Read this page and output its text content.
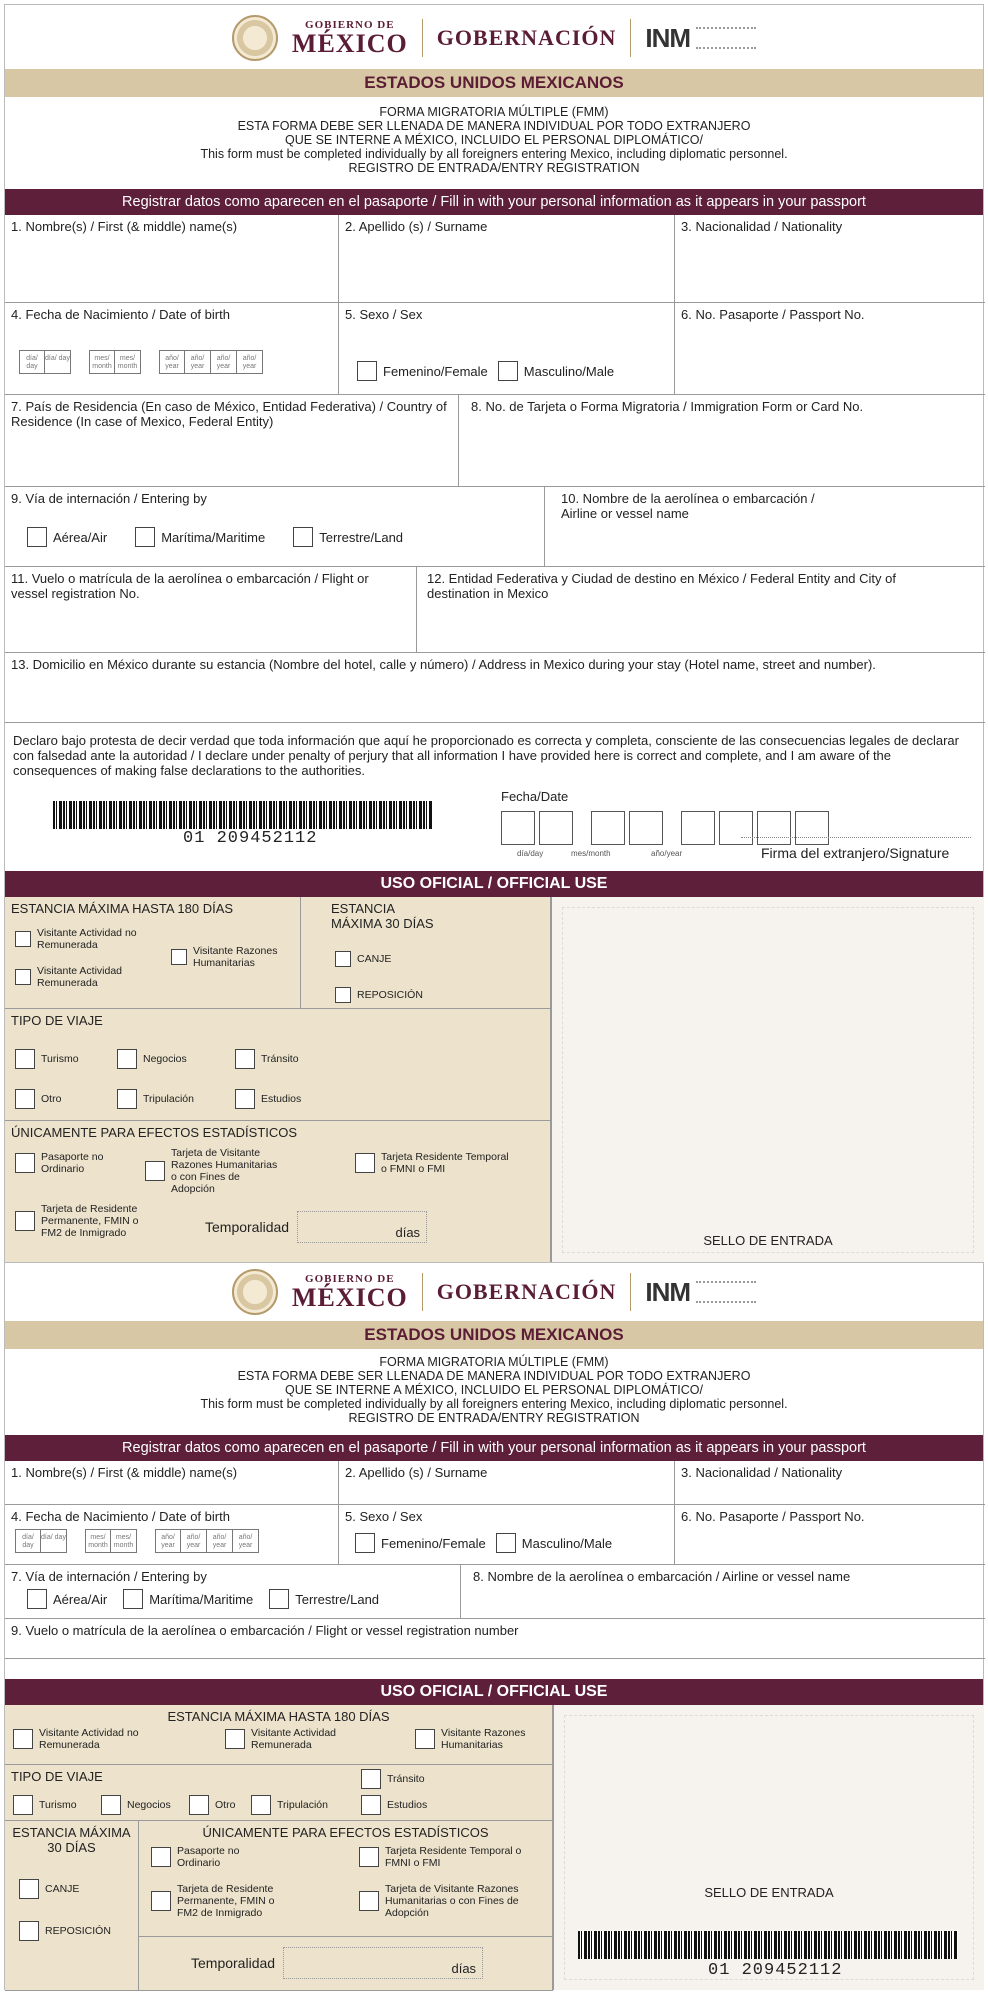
GOBIERNO DE
MÉXICO GOBERNACIÓN INM
ESTADOS UNIDOS MEXICANOS
FORMA MIGRATORIA MÚLTIPLE (FMM)
ESTA FORMA DEBE SER LLENADA DE MANERA INDIVIDUAL POR TODO EXTRANJERO
QUE SE INTERNE A MÉXICO, INCLUIDO EL PERSONAL DIPLOMÁTICO/
This form must be completed individually by all foreigners entering Mexico, including diplomatic personnel.
REGISTRO DE ENTRADA/ENTRY REGISTRATION
Registrar datos como aparecen en el pasaporte / Fill in with your personal information as it appears in your passport
1. Nombre(s) / First (& middle) name(s)	2. Apellido (s) / Surname	3. Nacionalidad / Nationality
4. Fecha de Nacimiento / Date of birth
día/ day
día/ day	mes/ month
mes/ month
año/ year
año/ year
año/ year
año/ year
5. Sexo / Sex
Femenino/Female	Masculino/Male
6. No. Pasaporte / Passport No.
7. País de Residencia (En caso de México, Entidad Federativa) / Country of Residence (In case of Mexico, Federal Entity)
8. No. de Tarjeta o Forma Migratoria / Immigration Form or Card No.
9. Vía de internación / Entering by
Aérea/Air	Marítima/Maritime	Terrestre/Land
10. Nombre de la aerolínea o embarcación / Airline or vessel name
11. Vuelo o matrícula de la aerolínea o embarcación / Flight or vessel registration No.
12. Entidad Federativa y Ciudad de destino en México / Federal Entity and City of destination in Mexico
13. Domicilio en México durante su estancia (Nombre del hotel, calle y número) / Address in Mexico during your stay (Hotel name, street and number).
Declaro bajo protesta de decir verdad que toda información que aquí he proporcionado es correcta y completa, consciente de las consecuencias legales de declarar con falsedad ante la autoridad / I declare under penalty of perjury that all information I have provided here is correct and complete, and I am aware of the consequences of making false declarations to the authorities.
01 209452112
Fecha/Date
día/day	mes/month	año/year	Firma del extranjero/Signature
USO OFICIAL / OFFICIAL USE
ESTANCIA MÁXIMA HASTA 180 DÍAS
Visitante Actividad no Remunerada
Visitante Actividad Remunerada
Visitante Razones Humanitarias
ESTANCIA MÁXIMA 30 DÍAS
CANJE
REPOSICIÓN
TIPO DE VIAJE
Turismo	Negocios	Tránsito
Otro	Tripulación	Estudios
ÚNICAMENTE PARA EFECTOS ESTADÍSTICOS
Pasaporte no Ordinario
Tarjeta de Visitante Razones Humanitarias o con Fines de Adopción
Tarjeta Residente Temporal o FMNI o FMI
Tarjeta de Residente Permanente, FMIN o FM2 de Inmigrado	Temporalidad	días
SELLO DE ENTRADA
GOBIERNO DE
MÉXICO GOBERNACIÓN INM
ESTADOS UNIDOS MEXICANOS
FORMA MIGRATORIA MÚLTIPLE (FMM)
ESTA FORMA DEBE SER LLENADA DE MANERA INDIVIDUAL POR TODO EXTRANJERO
QUE SE INTERNE A MÉXICO, INCLUIDO EL PERSONAL DIPLOMÁTICO/
This form must be completed individually by all foreigners entering Mexico, including diplomatic personnel.
REGISTRO DE ENTRADA/ENTRY REGISTRATION
Registrar datos como aparecen en el pasaporte / Fill in with your personal information as it appears in your passport
1. Nombre(s) / First (& middle) name(s)	2. Apellido (s) / Surname	3. Nacionalidad / Nationality
4. Fecha de Nacimiento / Date of birth
día/ day
día/ day	mes/ month
mes/ month
año/ year
año/ year
año/ year
año/ year
5. Sexo / Sex
Femenino/Female	Masculino/Male
6. No. Pasaporte / Passport No.
7. Vía de internación / Entering by
Aérea/Air	Marítima/Maritime	Terrestre/Land
8. Nombre de la aerolínea o embarcación / Airline or vessel name
9. Vuelo o matrícula de la aerolínea o embarcación / Flight or vessel registration number
USO OFICIAL / OFFICIAL USE
ESTANCIA MÁXIMA HASTA 180 DÍAS
Visitante Actividad no Remunerada
Visitante Actividad Remunerada
Visitante Razones Humanitarias
TIPO DE VIAJE	Tránsito
Turismo	Negocios	Otro	Tripulación	Estudios
ESTANCIA MÁXIMA
30 DÍAS
CANJE
REPOSICIÓN
ÚNICAMENTE PARA EFECTOS ESTADÍSTICOS
Pasaporte no Ordinario
Tarjeta Residente Temporal o FMNI o FMI
Tarjeta de Residente Permanente, FMIN o FM2 de Inmigrado
Tarjeta de Visitante Razones Humanitarias o con Fines de Adopción
Temporalidad	días
SELLO DE ENTRADA
01 209452112
